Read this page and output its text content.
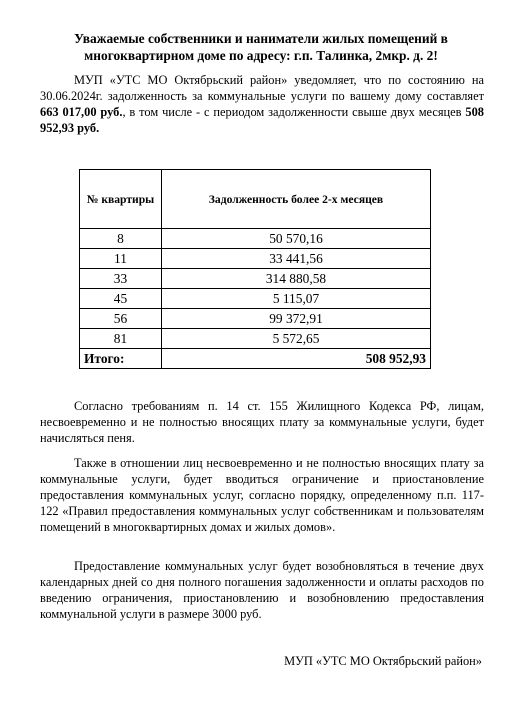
Уважаемые собственники и наниматели жилых помещений в многоквартирном доме по адресу: г.п. Талинка, 2мкр. д. 2!
МУП «УТС МО Октябрьский район» уведомляет, что по состоянию на 30.06.2024г. задолженность за коммунальные услуги по вашему дому составляет 663 017,00 руб., в том числе - с периодом задолженности свыше двух месяцев 508 952,93 руб.
№ квартиры	Задолженность более 2-х месяцев
8	50 570,16
11	33 441,56
33	314 880,58
45	5 115,07
56	99 372,91
81	5 572,65
Итого:	508 952,93
Согласно требованиям п. 14 ст. 155 Жилищного Кодекса РФ, лицам, несвоевременно и не полностью вносящих плату за коммунальные услуги, будет начисляться пеня.
Также в отношении лиц несвоевременно и не полностью вносящих плату за коммунальные услуги, будет вводиться ограничение и приостановление предоставления коммунальных услуг, согласно порядку, определенному п.п. 117-122 «Правил предоставления коммунальных услуг собственникам и пользователям помещений в многоквартирных домах и жилых домов».
Предоставление коммунальных услуг будет возобновляться в течение двух календарных дней со дня полного погашения задолженности и оплаты расходов по введению ограничения, приостановлению и возобновлению предоставления коммунальной услуги в размере 3000 руб.
МУП «УТС МО Октябрьский район»
